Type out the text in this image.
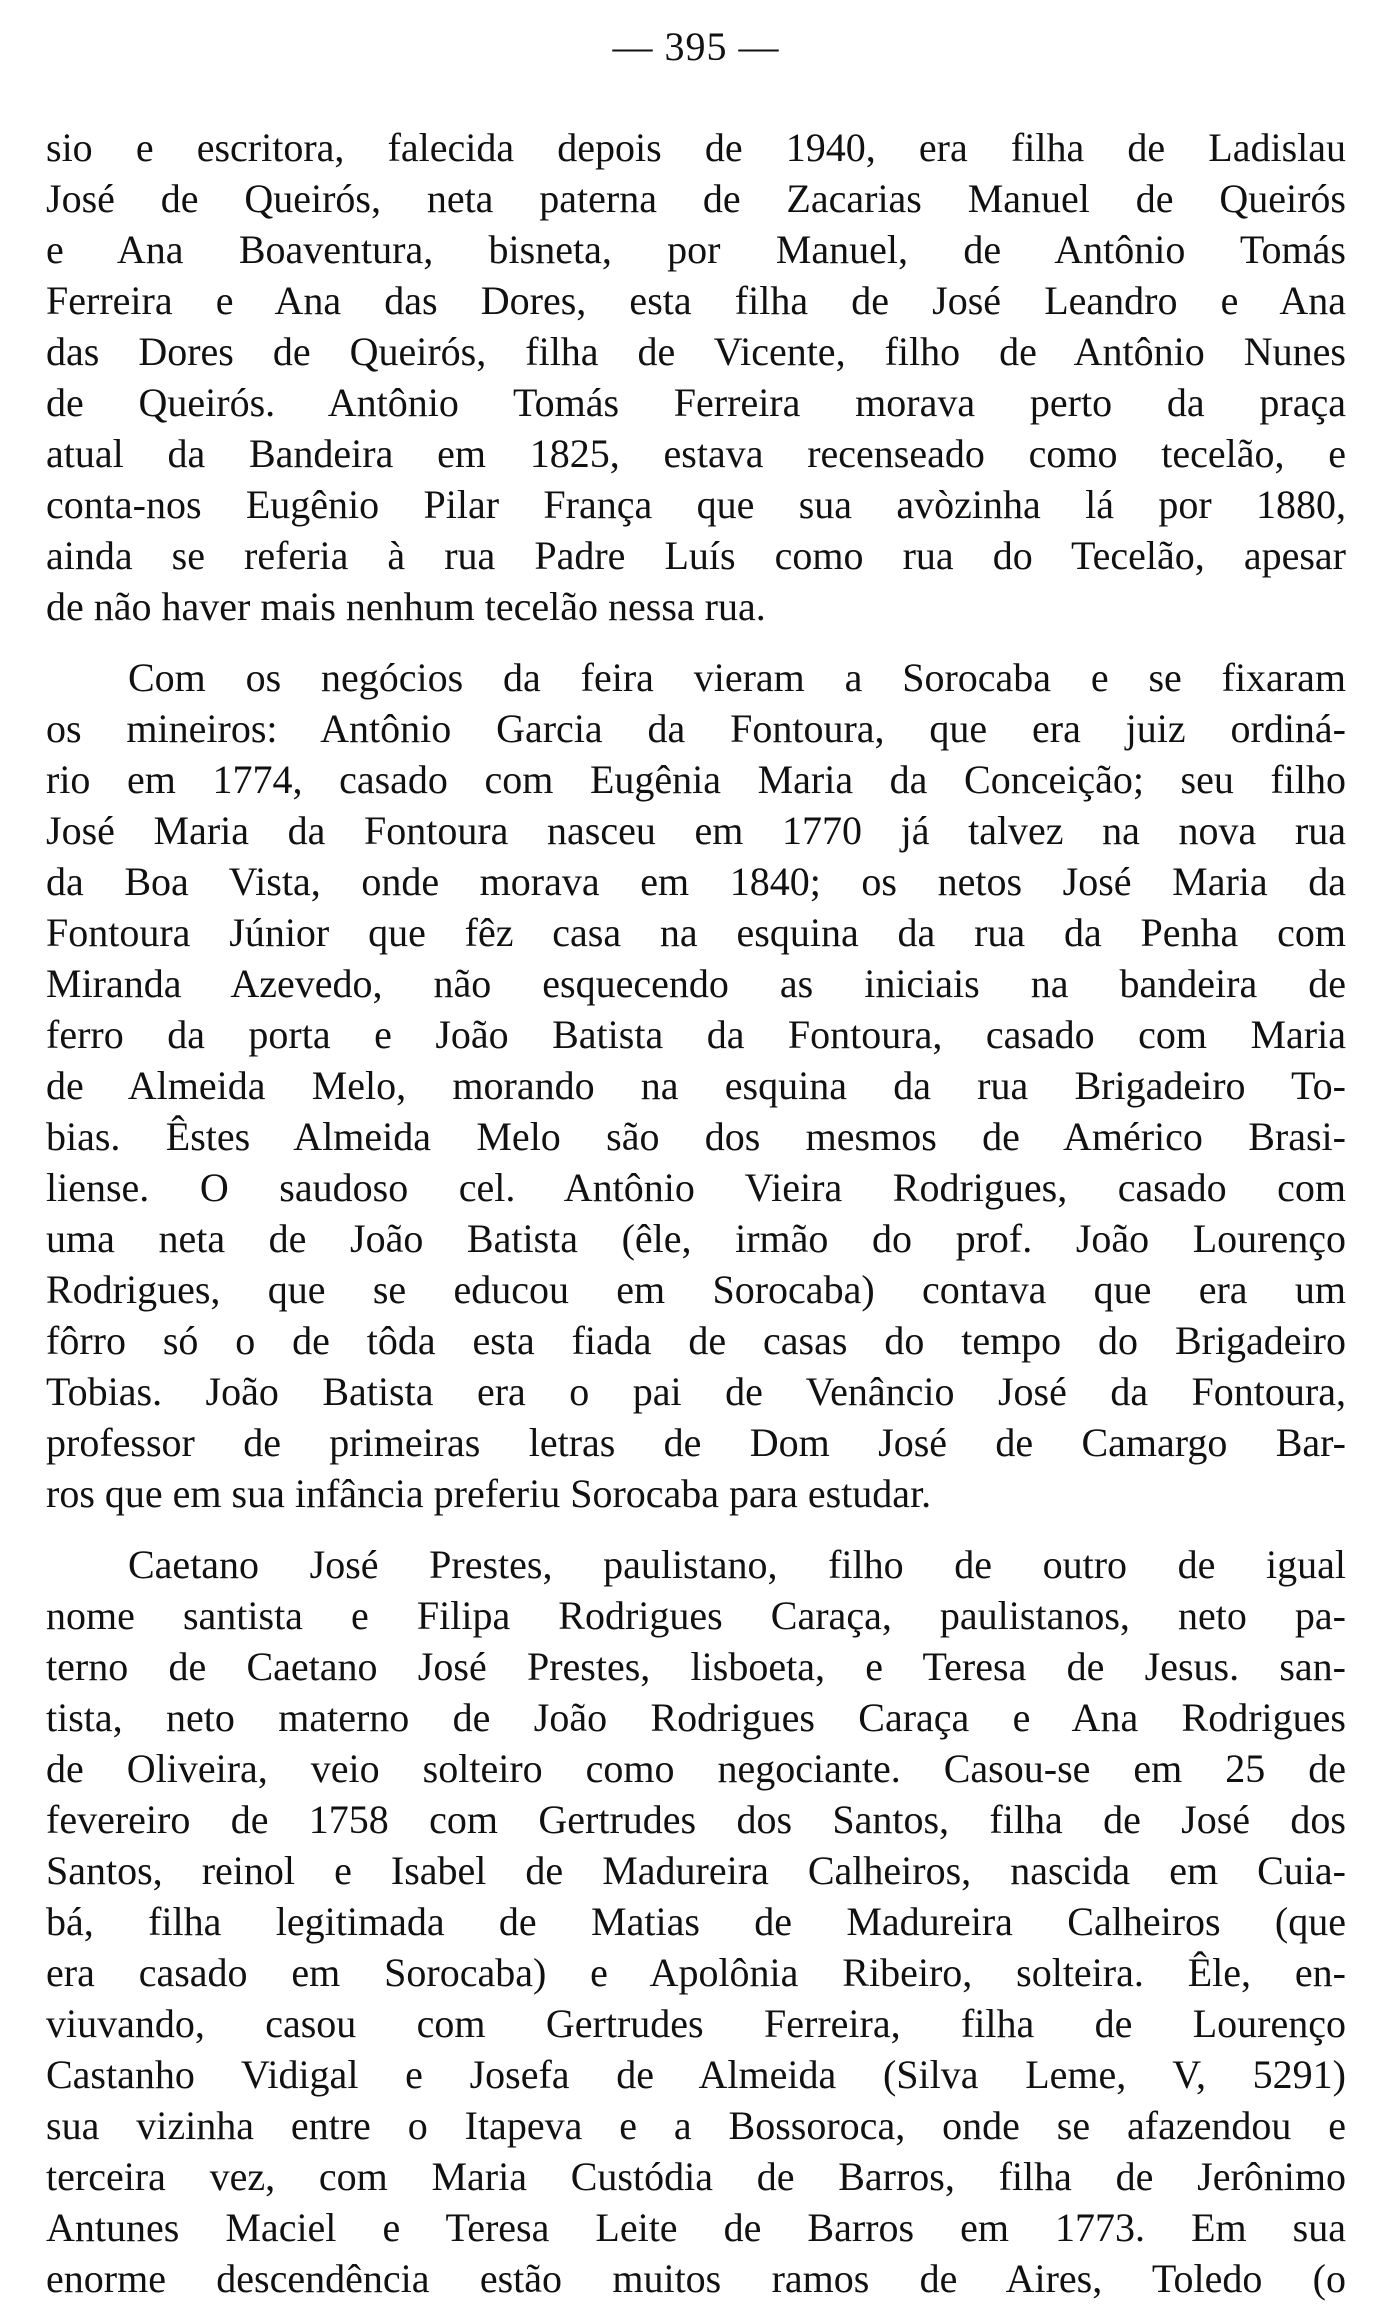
— 395 —
sio e escritora, falecida depois de 1940, era filha de Ladislau
José de Queirós, neta paterna de Zacarias Manuel de Queirós
e Ana Boaventura, bisneta, por Manuel, de Antônio Tomás
Ferreira e Ana das Dores, esta filha de José Leandro e Ana
das Dores de Queirós, filha de Vicente, filho de Antônio Nunes
de Queirós. Antônio Tomás Ferreira morava perto da praça
atual da Bandeira em 1825, estava recenseado como tecelão, e
conta-nos Eugênio Pilar França que sua avòzinha lá por 1880,
ainda se referia à rua Padre Luís como rua do Tecelão, apesar
de não haver mais nenhum tecelão nessa rua.
Com os negócios da feira vieram a Sorocaba e se fixaram
os mineiros: Antônio Garcia da Fontoura, que era juiz ordiná-
rio em 1774, casado com Eugênia Maria da Conceição; seu filho
José Maria da Fontoura nasceu em 1770 já talvez na nova rua
da Boa Vista, onde morava em 1840; os netos José Maria da
Fontoura Júnior que fêz casa na esquina da rua da Penha com
Miranda Azevedo, não esquecendo as iniciais na bandeira de
ferro da porta e João Batista da Fontoura, casado com Maria
de Almeida Melo, morando na esquina da rua Brigadeiro To-
bias. Êstes Almeida Melo são dos mesmos de Américo Brasi-
liense. O saudoso cel. Antônio Vieira Rodrigues, casado com
uma neta de João Batista (êle, irmão do prof. João Lourenço
Rodrigues, que se educou em Sorocaba) contava que era um
fôrro só o de tôda esta fiada de casas do tempo do Brigadeiro
Tobias. João Batista era o pai de Venâncio José da Fontoura,
professor de primeiras letras de Dom José de Camargo Bar-
ros que em sua infância preferiu Sorocaba para estudar.
Caetano José Prestes, paulistano, filho de outro de igual
nome santista e Filipa Rodrigues Caraça, paulistanos, neto pa-
terno de Caetano José Prestes, lisboeta, e Teresa de Jesus. san-
tista, neto materno de João Rodrigues Caraça e Ana Rodrigues
de Oliveira, veio solteiro como negociante. Casou-se em 25 de
fevereiro de 1758 com Gertrudes dos Santos, filha de José dos
Santos, reinol e Isabel de Madureira Calheiros, nascida em Cuia-
bá, filha legitimada de Matias de Madureira Calheiros (que
era casado em Sorocaba) e Apolônia Ribeiro, solteira. Êle, en-
viuvando, casou com Gertrudes Ferreira, filha de Lourenço
Castanho Vidigal e Josefa de Almeida (Silva Leme, V, 5291)
sua vizinha entre o Itapeva e a Bossoroca, onde se afazendou e
terceira vez, com Maria Custódia de Barros, filha de Jerônimo
Antunes Maciel e Teresa Leite de Barros em 1773. Em sua
enorme descendência estão muitos ramos de Aires, Toledo (o
